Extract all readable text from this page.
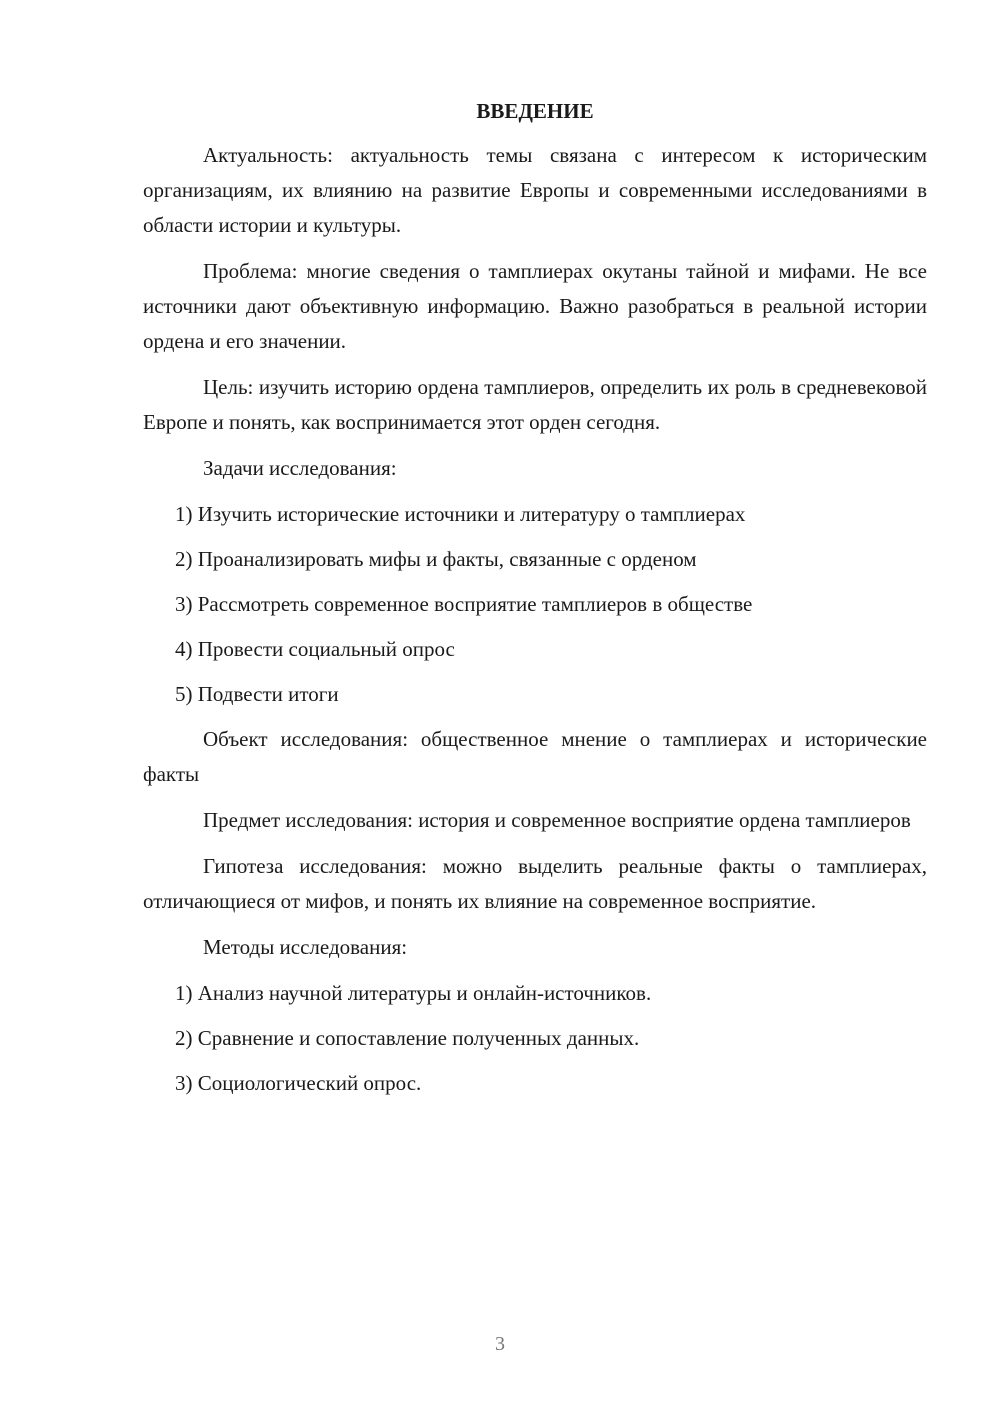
ВВЕДЕНИЕ

Актуальность: актуальность темы связана с интересом к историческим организациям, их влиянию на развитие Европы и современными исследованиями в области истории и культуры.

Проблема: многие сведения о тамплиерах окутаны тайной и мифами. Не все источники дают объективную информацию. Важно разобраться в реальной истории ордена и его значении.

Цель: изучить историю ордена тамплиеров, определить их роль в средневековой Европе и понять, как воспринимается этот орден сегодня.

Задачи исследования:

1) Изучить исторические источники и литературу о тамплиерах
2) Проанализировать мифы и факты, связанные с орденом
3) Рассмотреть современное восприятие тамплиеров в обществе
4) Провести социальный опрос
5) Подвести итоги

Объект исследования: общественное мнение о тамплиерах и исторические факты

Предмет исследования: история и современное восприятие ордена тамплиеров

Гипотеза исследования: можно выделить реальные факты о тамплиерах, отличающиеся от мифов, и понять их влияние на современное восприятие.

Методы исследования:

1) Анализ научной литературы и онлайн-источников.
2) Сравнение и сопоставление полученных данных.
3) Социологический опрос.
3
